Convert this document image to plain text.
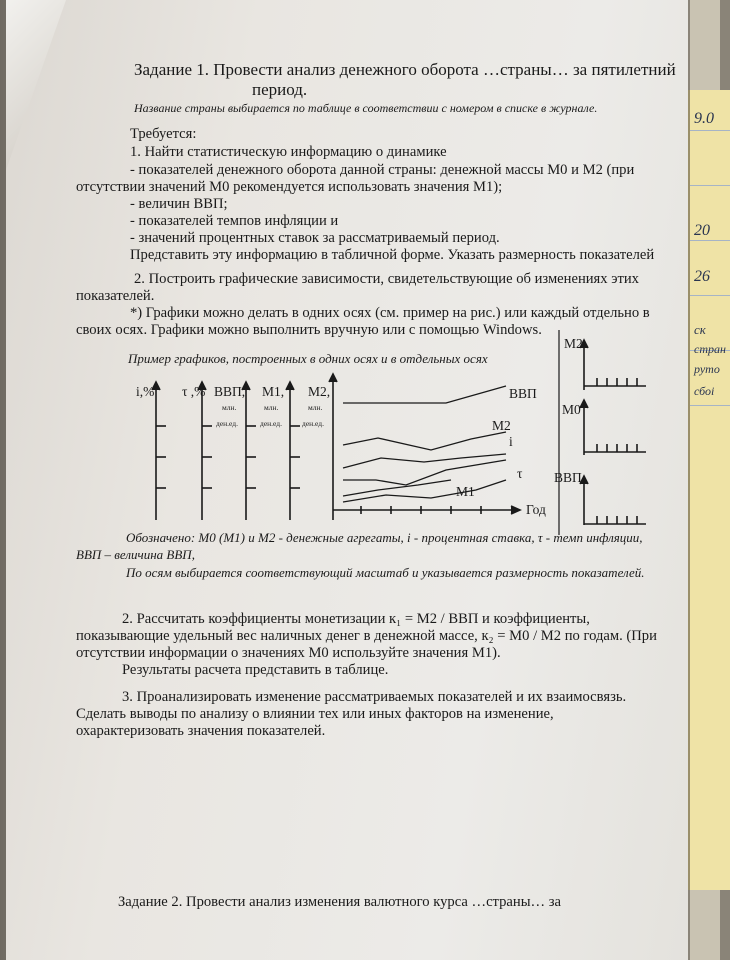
9.0
20
26
ск
стран
руто
сбоі
Задание 1. Провести анализ денежного оборота …страны… за пятилетний
период.
Название страны выбирается по таблице в соответствии с номером в списке в журнале.
Требуется:
1. Найти статистическую информацию о динамике
- показателей денежного оборота данной страны: денежной массы М0 и М2 (при
отсутствии значений М0 рекомендуется использовать значения М1);
- величин ВВП;
- показателей темпов инфляции и
- значений процентных ставок за рассматриваемый период.
Представить эту информацию в табличной форме. Указать размерность показателей
2. Построить графические зависимости, свидетельствующие об изменениях этих
показателей.
*) Графики можно делать в одних осях (см. пример на рис.) или каждый отдельно в
своих осях. Графики можно выполнить вручную или с помощью Windows.
Пример графиков, построенных в одних осях и в отдельных осях
i,% τ ,% ВВП, М1, М2,
млн.
ден.ед.
млн.
ден.ед.
млн.
ден.ед.
ВВП
М2
i
τ
М1
Год
М2
М0
ВВП
Обозначено: М0 (М1) и М2 - денежные агрегаты, i - процентная ставка, τ - темп инфляции,
ВВП – величина ВВП,
По осям выбирается соответствующий масштаб и указывается размерность показателей.
2. Рассчитать коэффициенты монетизации к₁ = М2 / ВВП и коэффициенты,
показывающие удельный вес наличных денег в денежной массе, к₂ = М0 / М2 по годам. (При
отсутствии информации о значениях М0 используйте значения М1).
Результаты расчета представить в таблице.
3. Проанализировать изменение рассматриваемых показателей и их взаимосвязь.
Сделать выводы по анализу о влиянии тех или иных факторов на изменение,
охарактеризовать значения показателей.
Задание 2. Провести анализ изменения валютного курса …страны… за
